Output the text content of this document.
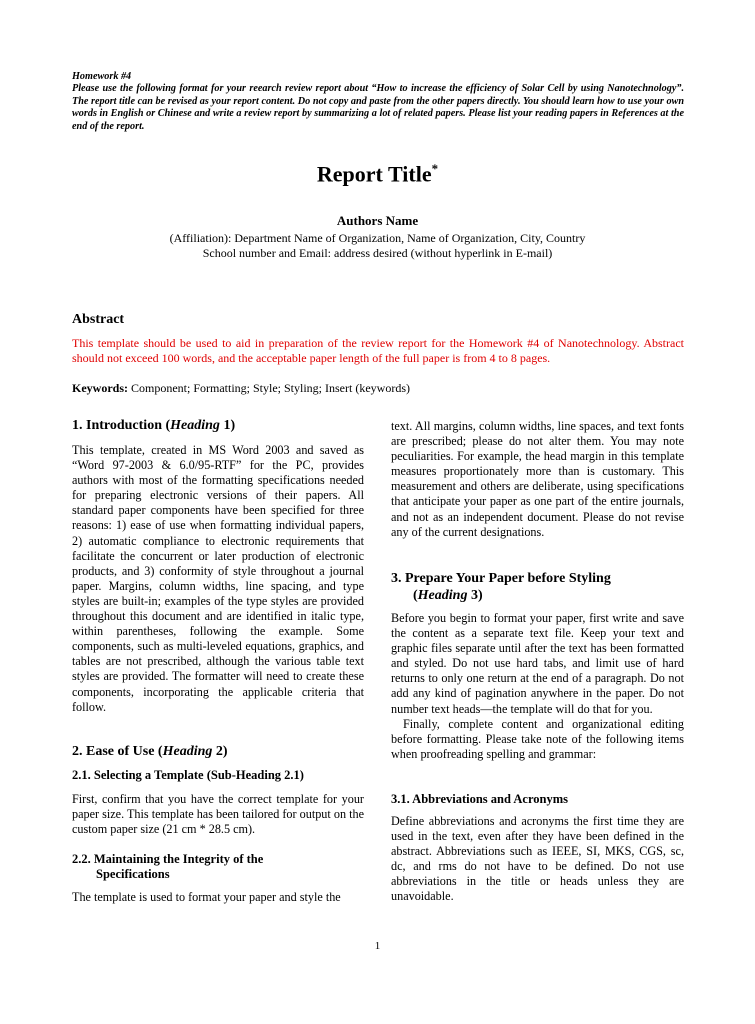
Homework #4

Please use the following format for your reearch review report about “How to increase the efficiency of Solar Cell by using Nanotechnology”. The report title can be revised as your report content. Do not copy and paste from the other papers directly. You should learn how to use your own words in English or Chinese and write a review report by summarizing a lot of related papers. Please list your reading papers in References at the end of the report.

Report Title*
Authors Name
(Affiliation): Department Name of Organization, Name of Organization, City, Country
School number and Email: address desired (without hyperlink in E-mail)
Abstract
This template should be used to aid in preparation of the review report for the Homework #4 of Nanotechnology. Abstract should not exceed 100 words, and the acceptable paper length of the full paper is from 4 to 8 pages.
Keywords: Component; Formatting; Style; Styling; Insert (keywords)
1. Introduction (Heading 1)

This template, created in MS Word 2003 and saved as “Word 97-2003 & 6.0/95-RTF” for the PC, provides authors with most of the formatting specifications needed for preparing electronic versions of their papers. All standard paper components have been specified for three reasons: 1) ease of use when formatting individual papers, 2) automatic compliance to electronic requirements that facilitate the concurrent or later production of electronic products, and 3) conformity of style throughout a journal paper. Margins, column widths, line spacing, and type styles are built-in; examples of the type styles are provided throughout this document and are identified in italic type, within parentheses, following the example. Some components, such as multi-leveled equations, graphics, and tables are not prescribed, although the various table text styles are provided. The formatter will need to create these components, incorporating the applicable criteria that follow.

2. Ease of Use (Heading 2)
2.1. Selecting a Template (Sub-Heading 2.1)

First, confirm that you have the correct template for your paper size. This template has been tailored for output on the custom paper size (21 cm * 28.5 cm).

2.2. Maintaining the Integrity of the
Specifications

The template is used to format your paper and style the

text. All margins, column widths, line spaces, and text fonts are prescribed; please do not alter them. You may note peculiarities. For example, the head margin in this template measures proportionately more than is customary. This measurement and others are deliberate, using specifications that anticipate your paper as one part of the entire journals, and not as an independent document. Please do not revise any of the current designations.

3. Prepare Your Paper before Styling
(Heading 3)

Before you begin to format your paper, first write and save the content as a separate text file. Keep your text and graphic files separate until after the text has been formatted and styled. Do not use hard tabs, and limit use of hard returns to only one return at the end of a paragraph. Do not add any kind of pagination anywhere in the paper. Do not number text heads—the template will do that for you.

Finally, complete content and organizational editing before formatting. Please take note of the following items when proofreading spelling and grammar:

3.1. Abbreviations and Acronyms

Define abbreviations and acronyms the first time they are used in the text, even after they have been defined in the abstract. Abbreviations such as IEEE, SI, MKS, CGS, sc, dc, and rms do not have to be defined. Do not use abbreviations in the title or heads unless they are unavoidable.

1
